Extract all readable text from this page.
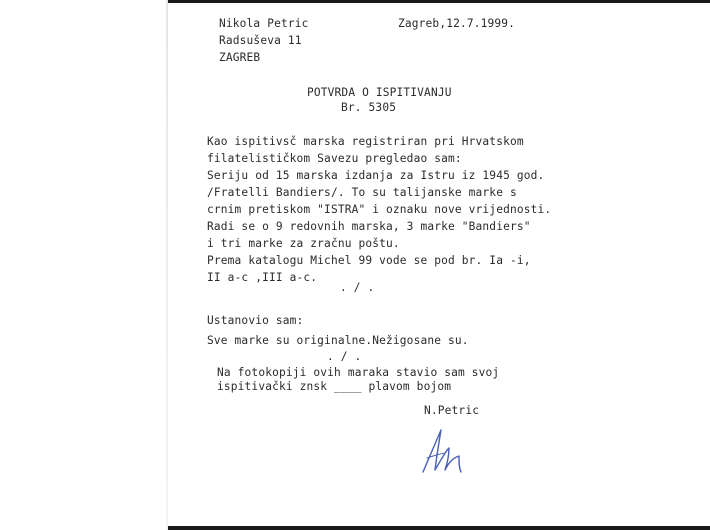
Nikola Petric
Radsuševa 11
ZAGREB
Zagreb,12.7.1999.
POTVRDA O ISPITIVANJU
Br. 5305
Kao ispitivsč marska registriran pri Hrvatskom
filatelističkom Savezu pregledao sam:
Seriju od 15 marska izdanja za Istru iz 1945 god.
/Fratelli Bandiers/. To su talijanske marke s
crnim pretiskom "ISTRA" i oznaku nove vrijednosti.
Radi se o 9 redovnih marska, 3 marke "Bandiers"
i tri marke za zračnu poštu.
Prema katalogu Michel 99 vode se pod br. Ia -i,
II a-c ,III a-c.
. / .
Ustanovio sam:
Sve marke su originalne.Nežigosane su.
. / .
Na fotokopiji ovih maraka stavio sam svoj
ispitivački znsk ____ plavom bojom
N.Petric
